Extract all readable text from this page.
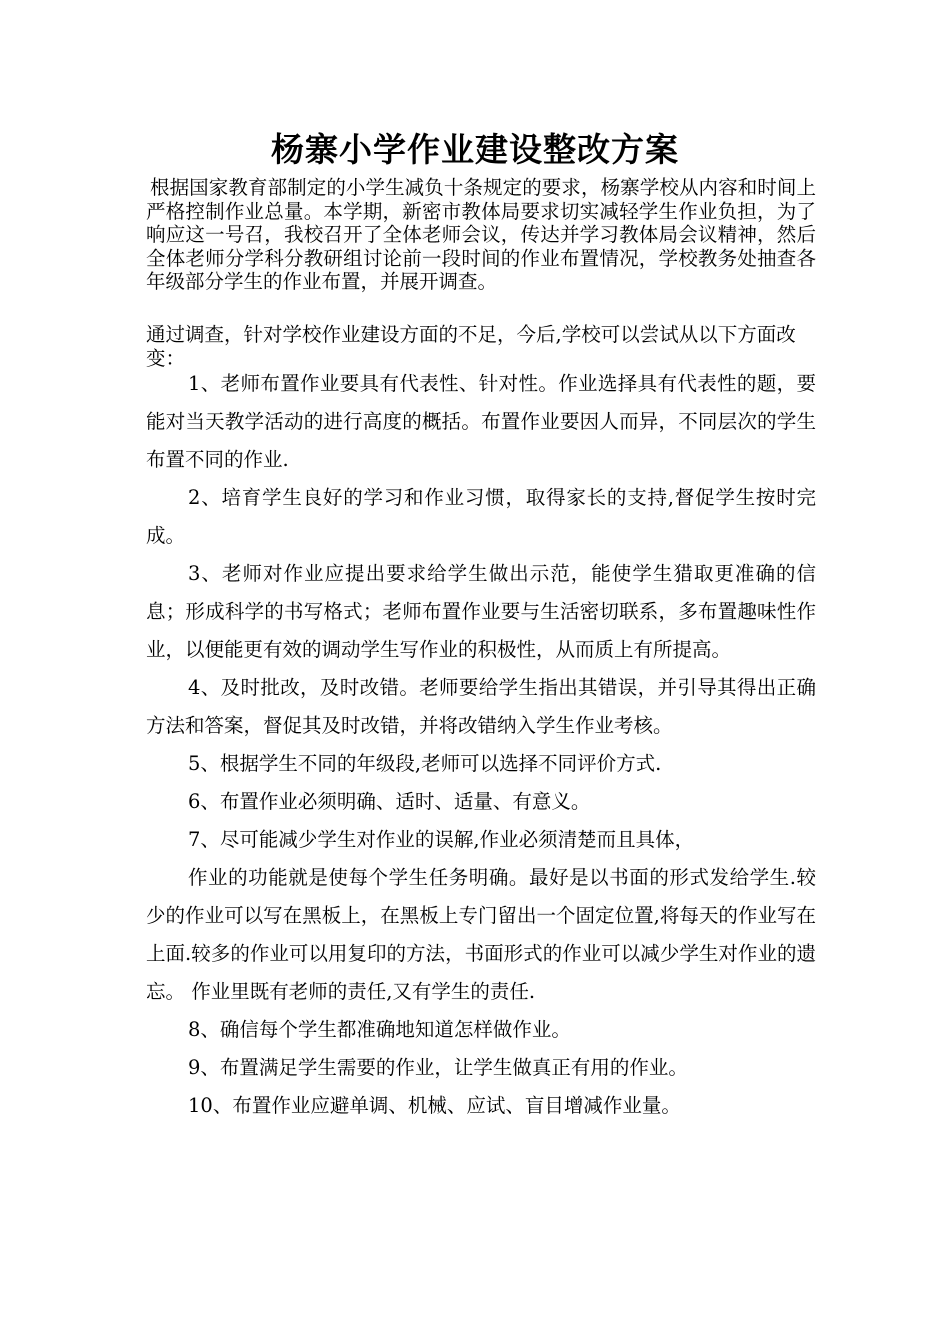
杨寨小学作业建设整改方案

根据国家教育部制定的小学生减负十条规定的要求，杨寨学校从内容和时间上严格控制作业总量。本学期，新密市教体局要求切实减轻学生作业负担，为了响应这一号召，我校召开了全体老师会议，传达并学习教体局会议精神，然后全体老师分学科分教研组讨论前一段时间的作业布置情况，学校教务处抽查各年级部分学生的作业布置，并展开调查。

通过调查，针对学校作业建设方面的不足，今后,学校可以尝试从以下方面改变：

1、老师布置作业要具有代表性、针对性。作业选择具有代表性的题，要能对当天教学活动的进行高度的概括。布置作业要因人而异，不同层次的学生布置不同的作业.

2、培育学生良好的学习和作业习惯，取得家长的支持,督促学生按时完成。

3、老师对作业应提出要求给学生做出示范，能使学生猎取更准确的信息；形成科学的书写格式；老师布置作业要与生活密切联系，多布置趣味性作业，以便能更有效的调动学生写作业的积极性，从而质上有所提高。

4、及时批改，及时改错。老师要给学生指出其错误，并引导其得出正确方法和答案，督促其及时改错，并将改错纳入学生作业考核。

5、根据学生不同的年级段,老师可以选择不同评价方式.

6、布置作业必须明确、适时、适量、有意义。

7、尽可能减少学生对作业的误解,作业必须清楚而且具体，

作业的功能就是使每个学生任务明确。最好是以书面的形式发给学生.较少的作业可以写在黑板上，在黑板上专门留出一个固定位置,将每天的作业写在上面.较多的作业可以用复印的方法，书面形式的作业可以减少学生对作业的遗忘。 作业里既有老师的责任,又有学生的责任.

8、确信每个学生都准确地知道怎样做作业。

9、布置满足学生需要的作业，让学生做真正有用的作业。

10、布置作业应避单调、机械、应试、盲目增减作业量。
